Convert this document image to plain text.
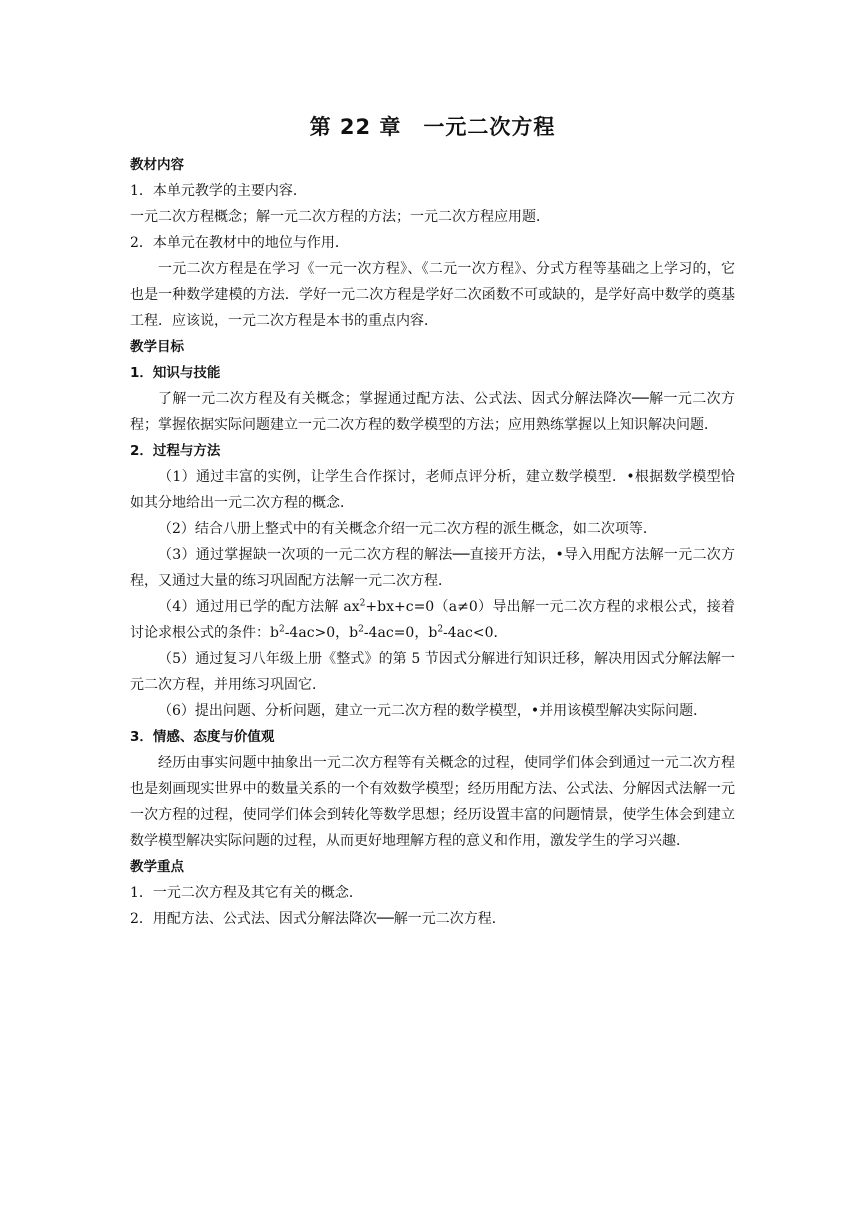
第 22 章 一元二次方程

教材内容

1．本单元教学的主要内容．

一元二次方程概念；解一元二次方程的方法；一元二次方程应用题．

2．本单元在教材中的地位与作用．

一元二次方程是在学习《一元一次方程》、《二元一次方程》、分式方程等基础之上学习的，它也是一种数学建模的方法．学好一元二次方程是学好二次函数不可或缺的，是学好高中数学的奠基工程．应该说，一元二次方程是本书的重点内容．

教学目标

1．知识与技能

了解一元二次方程及有关概念；掌握通过配方法、公式法、因式分解法降次──解一元二次方程；掌握依据实际问题建立一元二次方程的数学模型的方法；应用熟练掌握以上知识解决问题．

2．过程与方法

（1）通过丰富的实例，让学生合作探讨，老师点评分析，建立数学模型．•根据数学模型恰如其分地给出一元二次方程的概念．

（2）结合八册上整式中的有关概念介绍一元二次方程的派生概念，如二次项等．

（3）通过掌握缺一次项的一元二次方程的解法──直接开方法，•导入用配方法解一元二次方程，又通过大量的练习巩固配方法解一元二次方程．

（4）通过用已学的配方法解 $ax^2+bx+c=0(a\ne 0)$导出解一元二次方程的求根公式，接着讨论求根公式的条件：$b^2-4ac>0$，$b^2-4ac=0$，$b^2-4ac<0$．

（5）通过复习八年级上册《整式》的第 5 节因式分解进行知识迁移，解决用因式分解法解一元二次方程，并用练习巩固它．

（6）提出问题、分析问题，建立一元二次方程的数学模型，•并用该模型解决实际问题．

3．情感、态度与价值观

经历由事实问题中抽象出一元二次方程等有关概念的过程，使同学们体会到通过一元二次方程也是刻画现实世界中的数量关系的一个有效数学模型；经历用配方法、公式法、分解因式法解一元一次方程的过程，使同学们体会到转化等数学思想；经历设置丰富的问题情景，使学生体会到建立数学模型解决实际问题的过程，从而更好地理解方程的意义和作用，激发学生的学习兴趣．

教学重点

1．一元二次方程及其它有关的概念．

2．用配方法、公式法、因式分解法降次──解一元二次方程．
